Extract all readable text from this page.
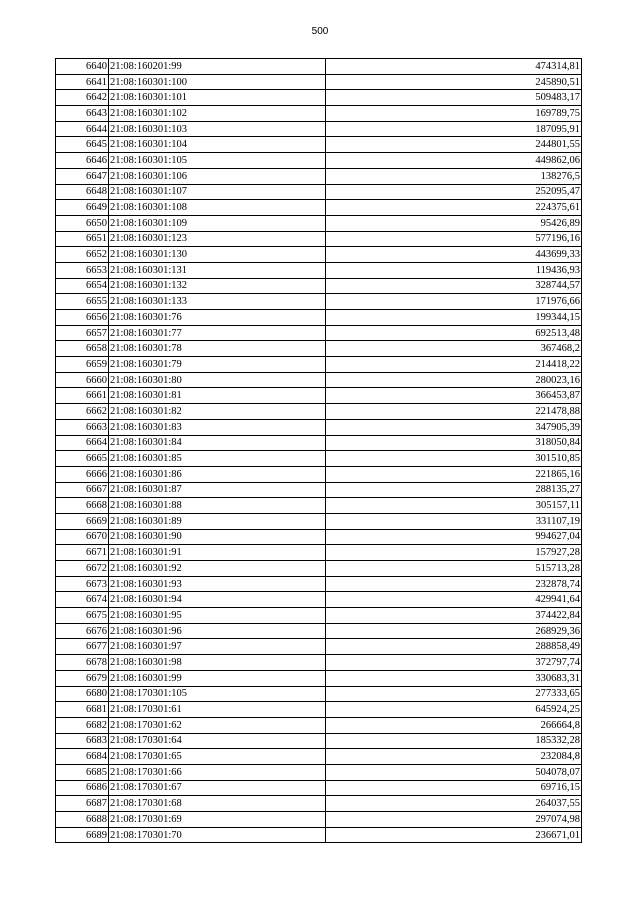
500
6640	21:08:160201:99	474314,81
6641	21:08:160301:100	245890,51
6642	21:08:160301:101	509483,17
6643	21:08:160301:102	169789,75
6644	21:08:160301:103	187095,91
6645	21:08:160301:104	244801,55
6646	21:08:160301:105	449862,06
6647	21:08:160301:106	138276,5
6648	21:08:160301:107	252095,47
6649	21:08:160301:108	224375,61
6650	21:08:160301:109	95426,89
6651	21:08:160301:123	577196,16
6652	21:08:160301:130	443699,33
6653	21:08:160301:131	119436,93
6654	21:08:160301:132	328744,57
6655	21:08:160301:133	171976,66
6656	21:08:160301:76	199344,15
6657	21:08:160301:77	692513,48
6658	21:08:160301:78	367468,2
6659	21:08:160301:79	214418,22
6660	21:08:160301:80	280023,16
6661	21:08:160301:81	366453,87
6662	21:08:160301:82	221478,88
6663	21:08:160301:83	347905,39
6664	21:08:160301:84	318050,84
6665	21:08:160301:85	301510,85
6666	21:08:160301:86	221865,16
6667	21:08:160301:87	288135,27
6668	21:08:160301:88	305157,11
6669	21:08:160301:89	331107,19
6670	21:08:160301:90	994627,04
6671	21:08:160301:91	157927,28
6672	21:08:160301:92	515713,28
6673	21:08:160301:93	232878,74
6674	21:08:160301:94	429941,64
6675	21:08:160301:95	374422,84
6676	21:08:160301:96	268929,36
6677	21:08:160301:97	288858,49
6678	21:08:160301:98	372797,74
6679	21:08:160301:99	330683,31
6680	21:08:170301:105	277333,65
6681	21:08:170301:61	645924,25
6682	21:08:170301:62	266664,8
6683	21:08:170301:64	185332,28
6684	21:08:170301:65	232084,8
6685	21:08:170301:66	504078,07
6686	21:08:170301:67	69716,15
6687	21:08:170301:68	264037,55
6688	21:08:170301:69	297074,98
6689	21:08:170301:70	236671,01
